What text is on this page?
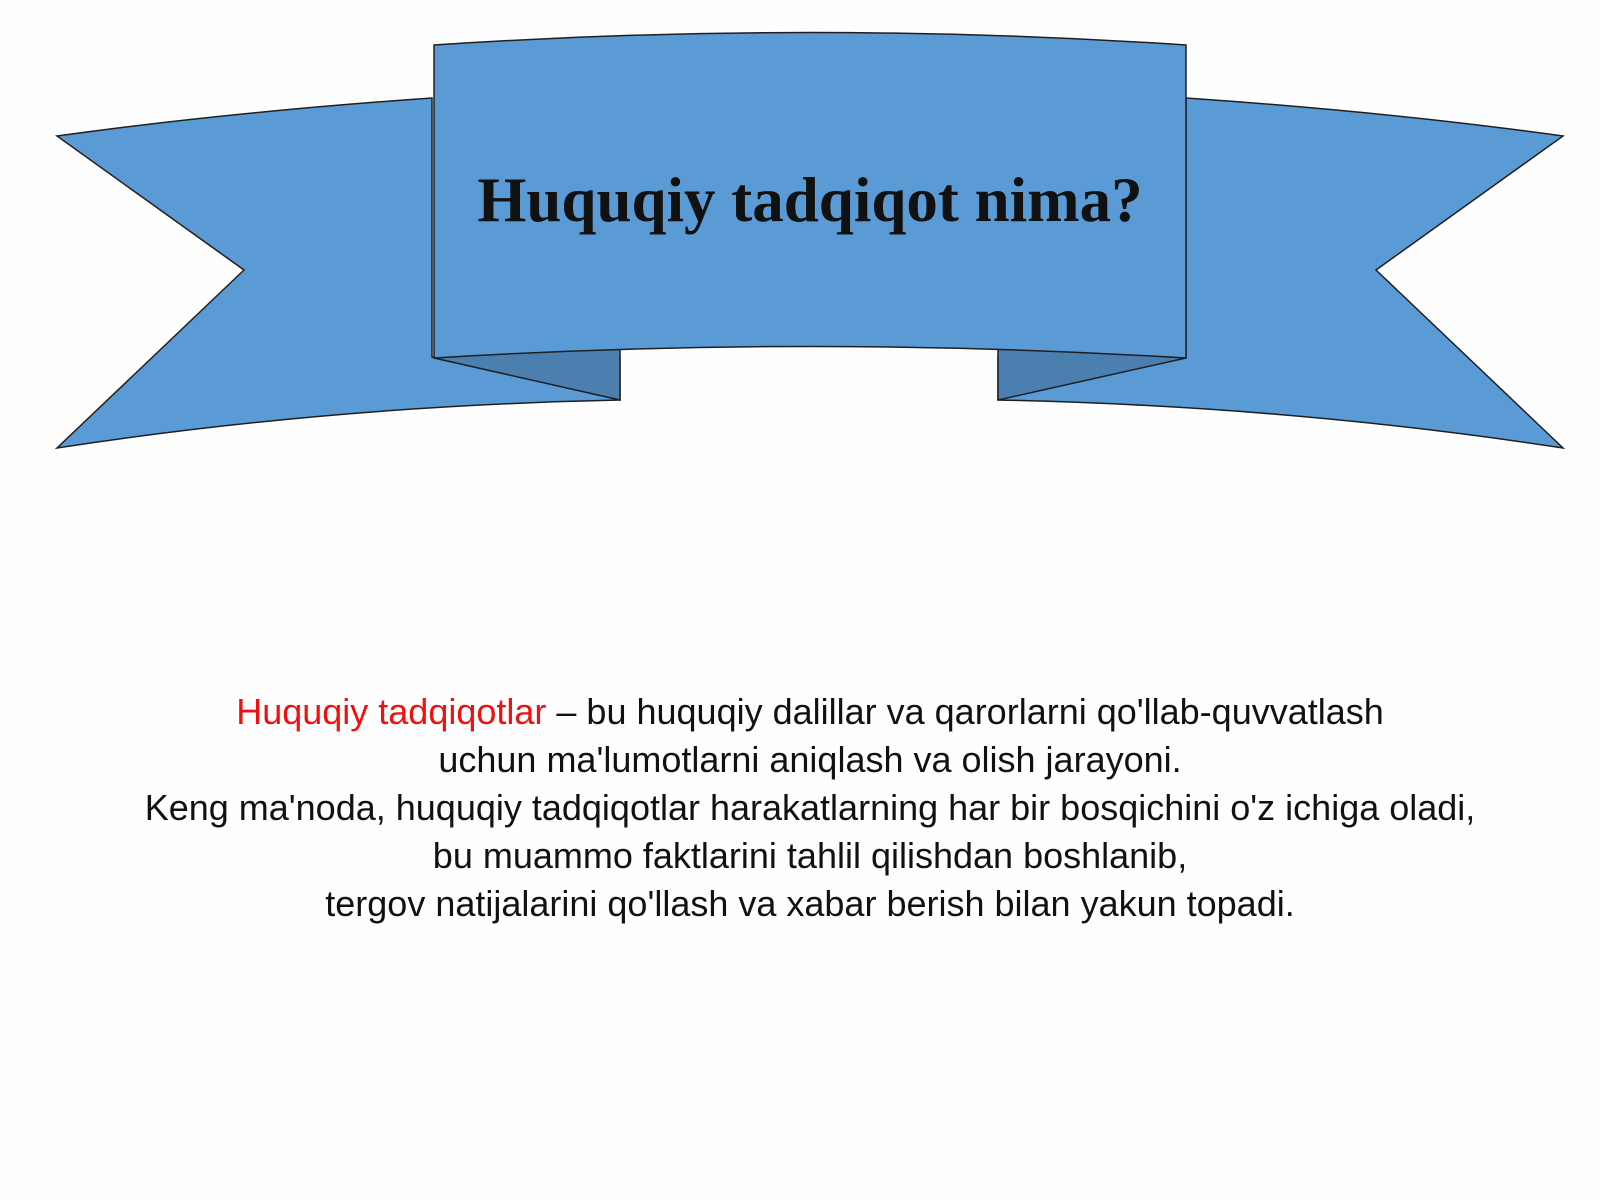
Huquqiy tadqiqot nima?
Huquqiy tadqiqotlar – bu huquqiy dalillar va qarorlarni qo'llab-quvvatlash
uchun ma'lumotlarni aniqlash va olish jarayoni.
Keng ma'noda, huquqiy tadqiqotlar harakatlarning har bir bosqichini o'z ichiga oladi,
bu muammo faktlarini tahlil qilishdan boshlanib,
tergov natijalarini qo'llash va xabar berish bilan yakun topadi.
